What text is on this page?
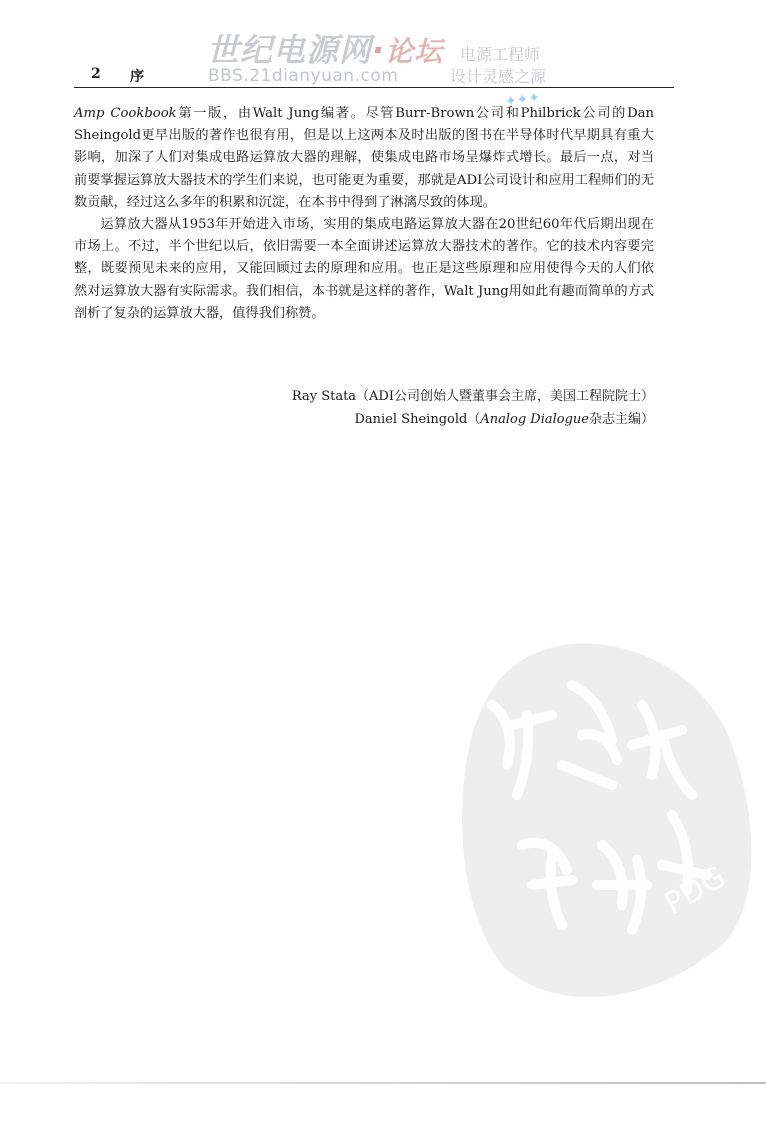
世纪电源网·论坛
BBS.21dianyuan.com
电源工程师
设计灵感之源
✦✦✦
2 序

Amp Cookbook第一版，由Walt Jung编著。尽管Burr-Brown公司和Philbrick公司的Dan Sheingold更早出版的著作也很有用，但是以上这两本及时出版的图书在半导体时代早期具有重大影响，加深了人们对集成电路运算放大器的理解，使集成电路市场呈爆炸式增长。最后一点，对当前要掌握运算放大器技术的学生们来说，也可能更为重要，那就是ADI公司设计和应用工程师们的无数贡献，经过这么多年的积累和沉淀，在本书中得到了淋漓尽致的体现。

运算放大器从1953年开始进入市场，实用的集成电路运算放大器在20世纪60年代后期出现在市场上。不过，半个世纪以后，依旧需要一本全面讲述运算放大器技术的著作。它的技术内容要完整，既要预见未来的应用，又能回顾过去的原理和应用。也正是这些原理和应用使得今天的人们依然对运算放大器有实际需求。我们相信，本书就是这样的著作，Walt Jung用如此有趣而简单的方式剖析了复杂的运算放大器，值得我们称赞。

Ray Stata（ADI公司创始人暨董事会主席，美国工程院院士）
Daniel Sheingold（Analog Dialogue杂志主编）
PDG
